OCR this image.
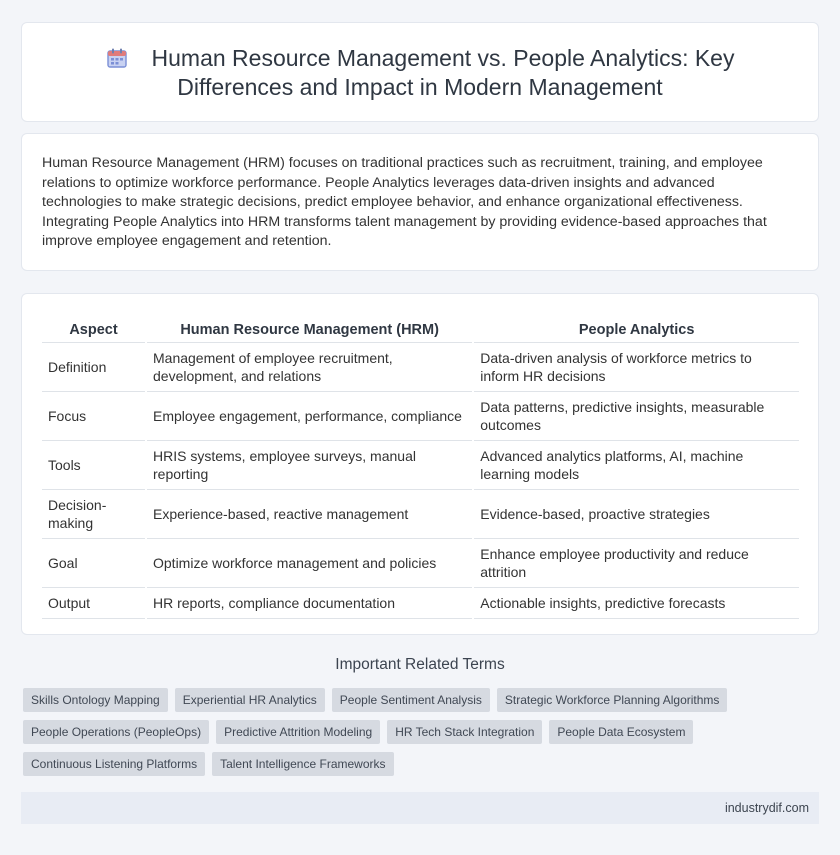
Human Resource Management vs. People Analytics: Key Differences and Impact in Modern Management

Human Resource Management (HRM) focuses on traditional practices such as recruitment, training, and employee relations to optimize workforce performance. People Analytics leverages data-driven insights and advanced technologies to make strategic decisions, predict employee behavior, and enhance organizational effectiveness. Integrating People Analytics into HRM transforms talent management by providing evidence-based approaches that improve employee engagement and retention.

Aspect	Human Resource Management (HRM)	People Analytics
Definition	Management of employee recruitment, development, and relations	Data-driven analysis of workforce metrics to inform HR decisions
Focus	Employee engagement, performance, compliance	Data patterns, predictive insights, measurable outcomes
Tools	HRIS systems, employee surveys, manual reporting	Advanced analytics platforms, AI, machine learning models
Decision-making	Experience-based, reactive management	Evidence-based, proactive strategies
Goal	Optimize workforce management and policies	Enhance employee productivity and reduce attrition
Output	HR reports, compliance documentation	Actionable insights, predictive forecasts
Important Related Terms
Skills Ontology Mapping	Experiential HR Analytics	People Sentiment Analysis	Strategic Workforce Planning Algorithms
People Operations (PeopleOps)	Predictive Attrition Modeling	HR Tech Stack Integration	People Data Ecosystem
Continuous Listening Platforms	Talent Intelligence Frameworks
industrydif.com
